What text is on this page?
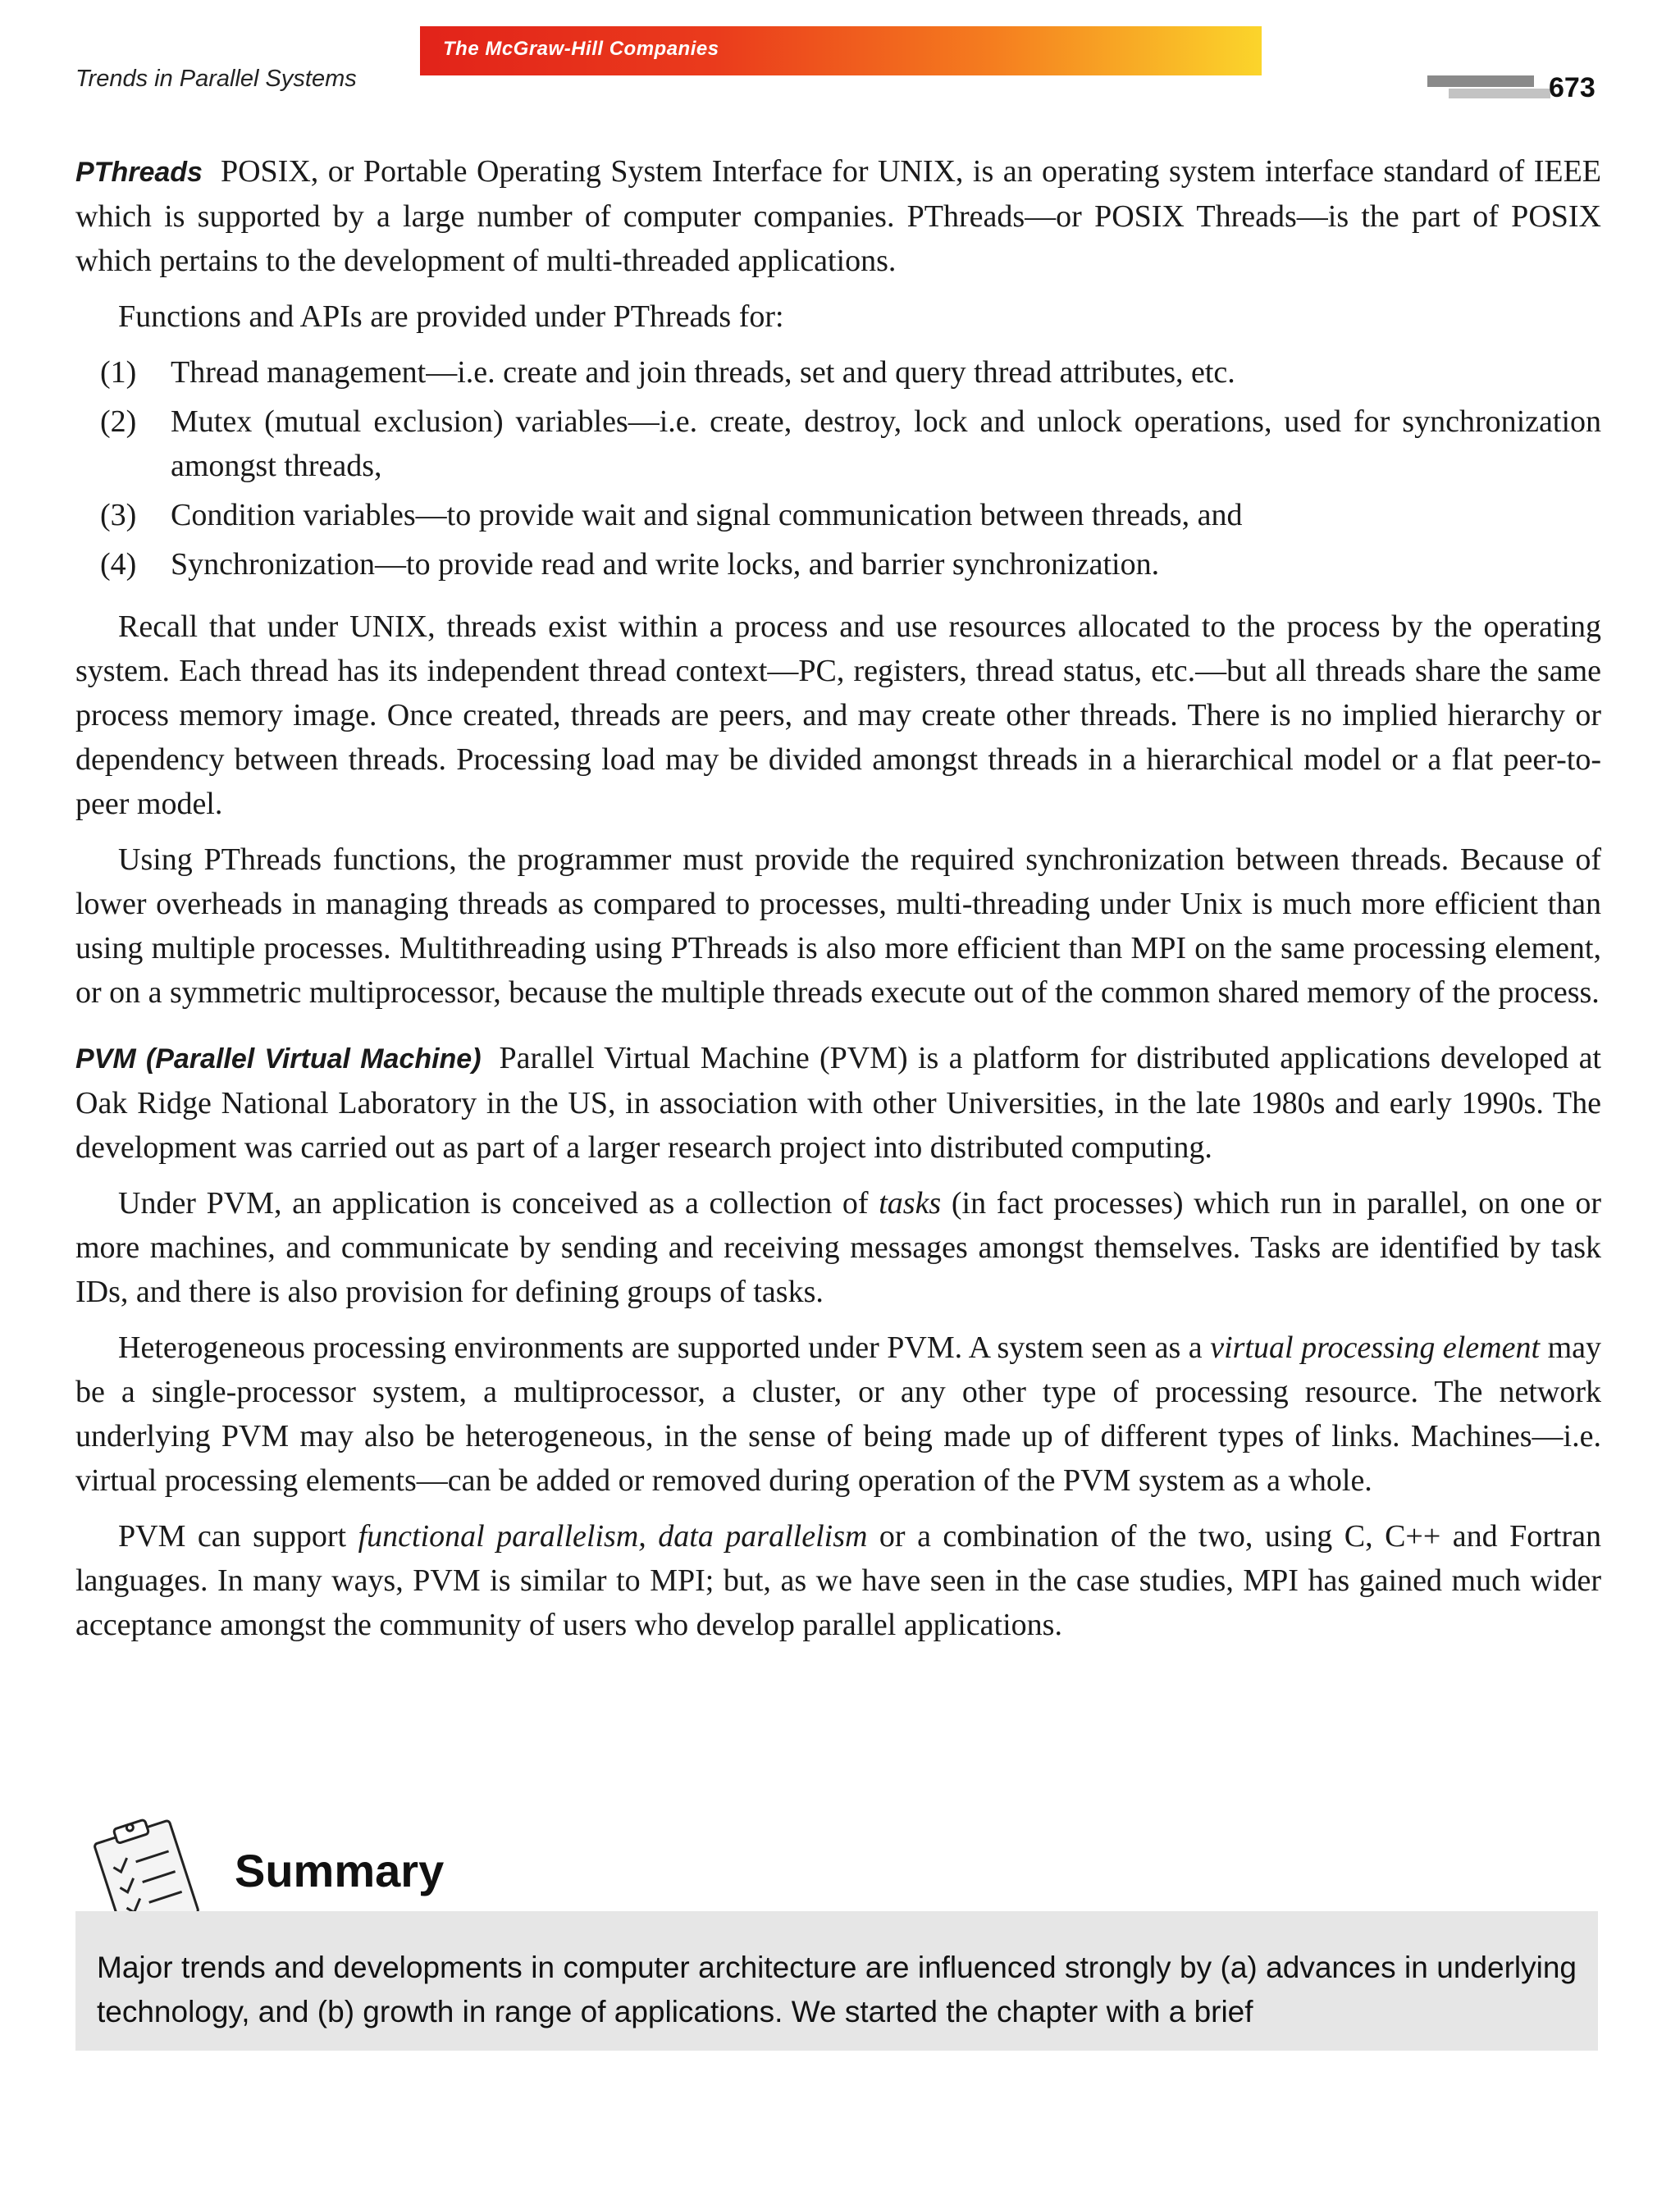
Trends in Parallel Systems
The McGraw-Hill Companies
673

PThreads POSIX, or Portable Operating System Interface for UNIX, is an operating system interface standard of IEEE which is supported by a large number of computer companies. PThreads—or POSIX Threads—is the part of POSIX which pertains to the development of multi-threaded applications.

Functions and APIs are provided under PThreads for:

(1) Thread management—i.e. create and join threads, set and query thread attributes, etc.
(2) Mutex (mutual exclusion) variables—i.e. create, destroy, lock and unlock operations, used for synchronization amongst threads,
(3) Condition variables—to provide wait and signal communication between threads, and
(4) Synchronization—to provide read and write locks, and barrier synchronization.

Recall that under UNIX, threads exist within a process and use resources allocated to the process by the operating system. Each thread has its independent thread context—PC, registers, thread status, etc.—but all threads share the same process memory image. Once created, threads are peers, and may create other threads. There is no implied hierarchy or dependency between threads. Processing load may be divided amongst threads in a hierarchical model or a flat peer-to-peer model.

Using PThreads functions, the programmer must provide the required synchronization between threads. Because of lower overheads in managing threads as compared to processes, multi-threading under Unix is much more efficient than using multiple processes. Multithreading using PThreads is also more efficient than MPI on the same processing element, or on a symmetric multiprocessor, because the multiple threads execute out of the common shared memory of the process.

PVM (Parallel Virtual Machine) Parallel Virtual Machine (PVM) is a platform for distributed applications developed at Oak Ridge National Laboratory in the US, in association with other Universities, in the late 1980s and early 1990s. The development was carried out as part of a larger research project into distributed computing.

Under PVM, an application is conceived as a collection of tasks (in fact processes) which run in parallel, on one or more machines, and communicate by sending and receiving messages amongst themselves. Tasks are identified by task IDs, and there is also provision for defining groups of tasks.

Heterogeneous processing environments are supported under PVM. A system seen as a virtual processing element may be a single-processor system, a multiprocessor, a cluster, or any other type of processing resource. The network underlying PVM may also be heterogeneous, in the sense of being made up of different types of links. Machines—i.e. virtual processing elements—can be added or removed during operation of the PVM system as a whole.

PVM can support functional parallelism, data parallelism or a combination of the two, using C, C++ and Fortran languages. In many ways, PVM is similar to MPI; but, as we have seen in the case studies, MPI has gained much wider acceptance amongst the community of users who develop parallel applications.

Summary
Major trends and developments in computer architecture are influenced strongly by (a) advances in underlying technology, and (b) growth in range of applications. We started the chapter with a brief
